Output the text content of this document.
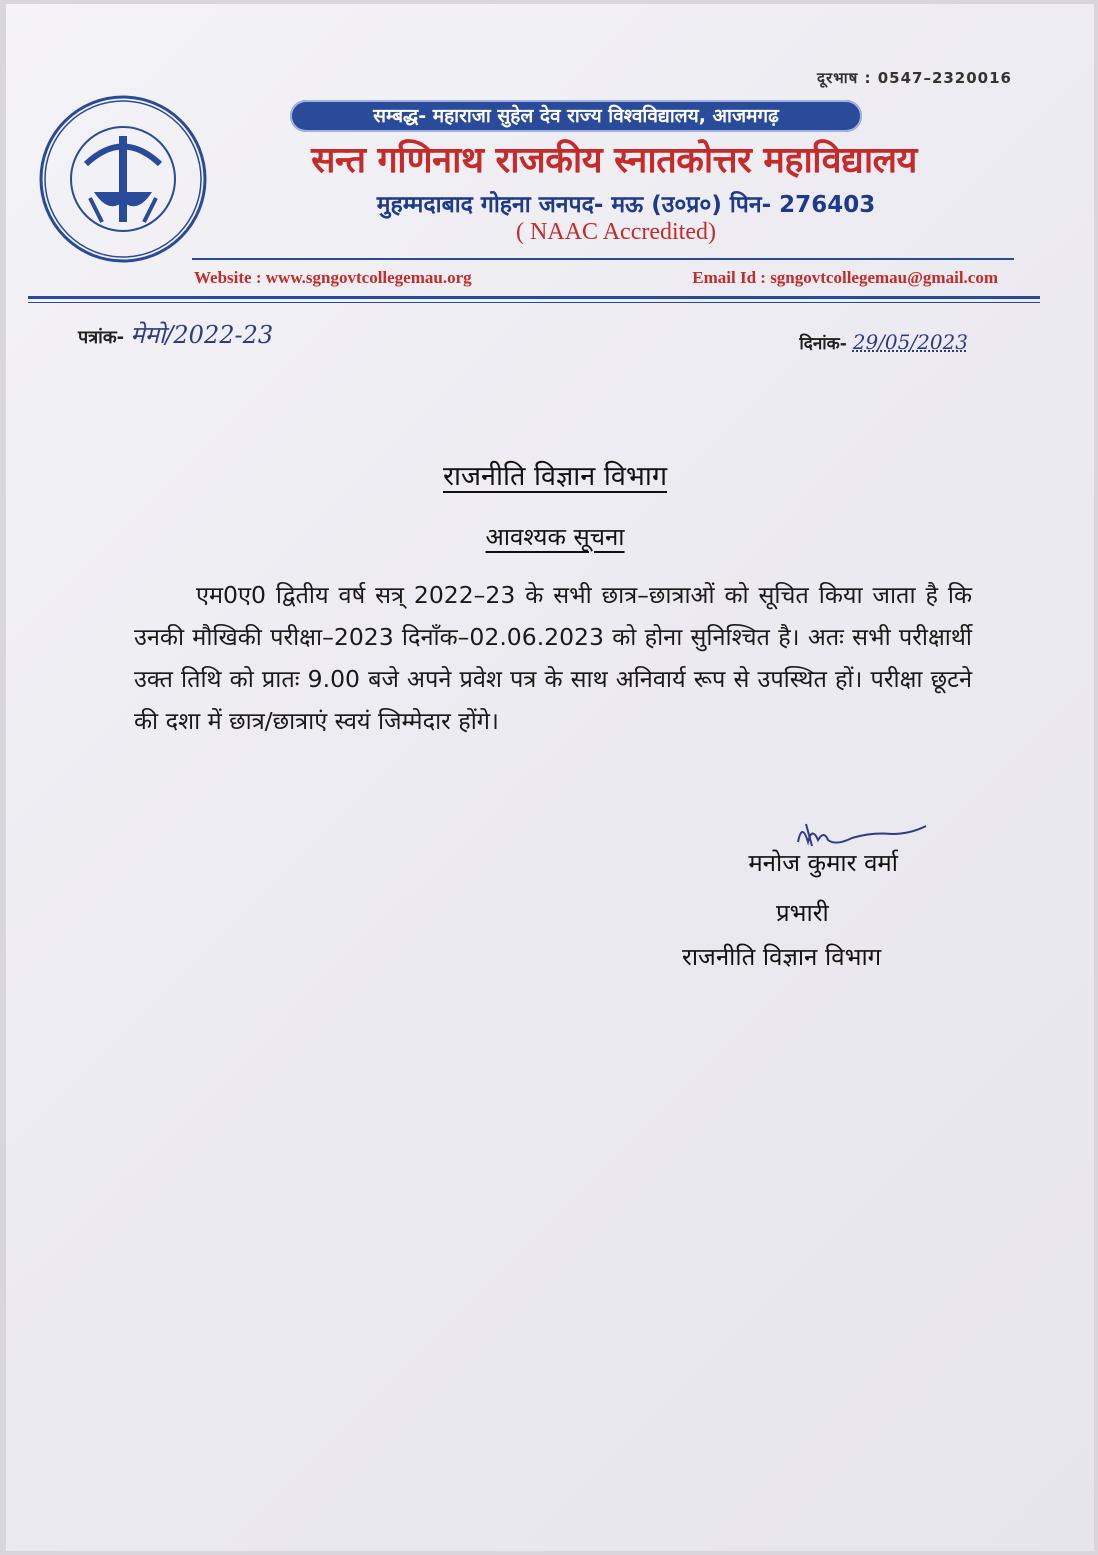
दूरभाष : 0547–2320016
सम्बद्ध- महाराजा सुहेल देव राज्य विश्वविद्यालय, आजमगढ़
सन्त गणिनाथ राजकीय स्नातकोत्तर महाविद्यालय
मुहम्मदाबाद गोहना जनपद- मऊ (उ०प्र०) पिन- 276403
( NAAC Accredited)
Website : www.sgngovtcollegemau.org	Email Id : sgngovtcollegemau@gmail.com
पत्रांक- मेमो/2022-23	दिनांक- 29/05/2023
राजनीति विज्ञान विभाग
आवश्यक सूचना
एम0ए0 द्वितीय वर्ष सत्र् 2022–23 के सभी छात्र–छात्राओं को सूचित किया जाता है कि उनकी मौखिकी परीक्षा–2023 दिनाँक–02.06.2023 को होना सुनिश्चित है। अतः सभी परीक्षार्थी उक्त तिथि को प्रातः 9.00 बजे अपने प्रवेश पत्र के साथ अनिवार्य रूप से उपस्थित हों। परीक्षा छूटने की दशा में छात्र/छात्राएं स्वयं जिम्मेदार होंगे।
मनोज कुमार वर्मा
प्रभारी
राजनीति विज्ञान विभाग
